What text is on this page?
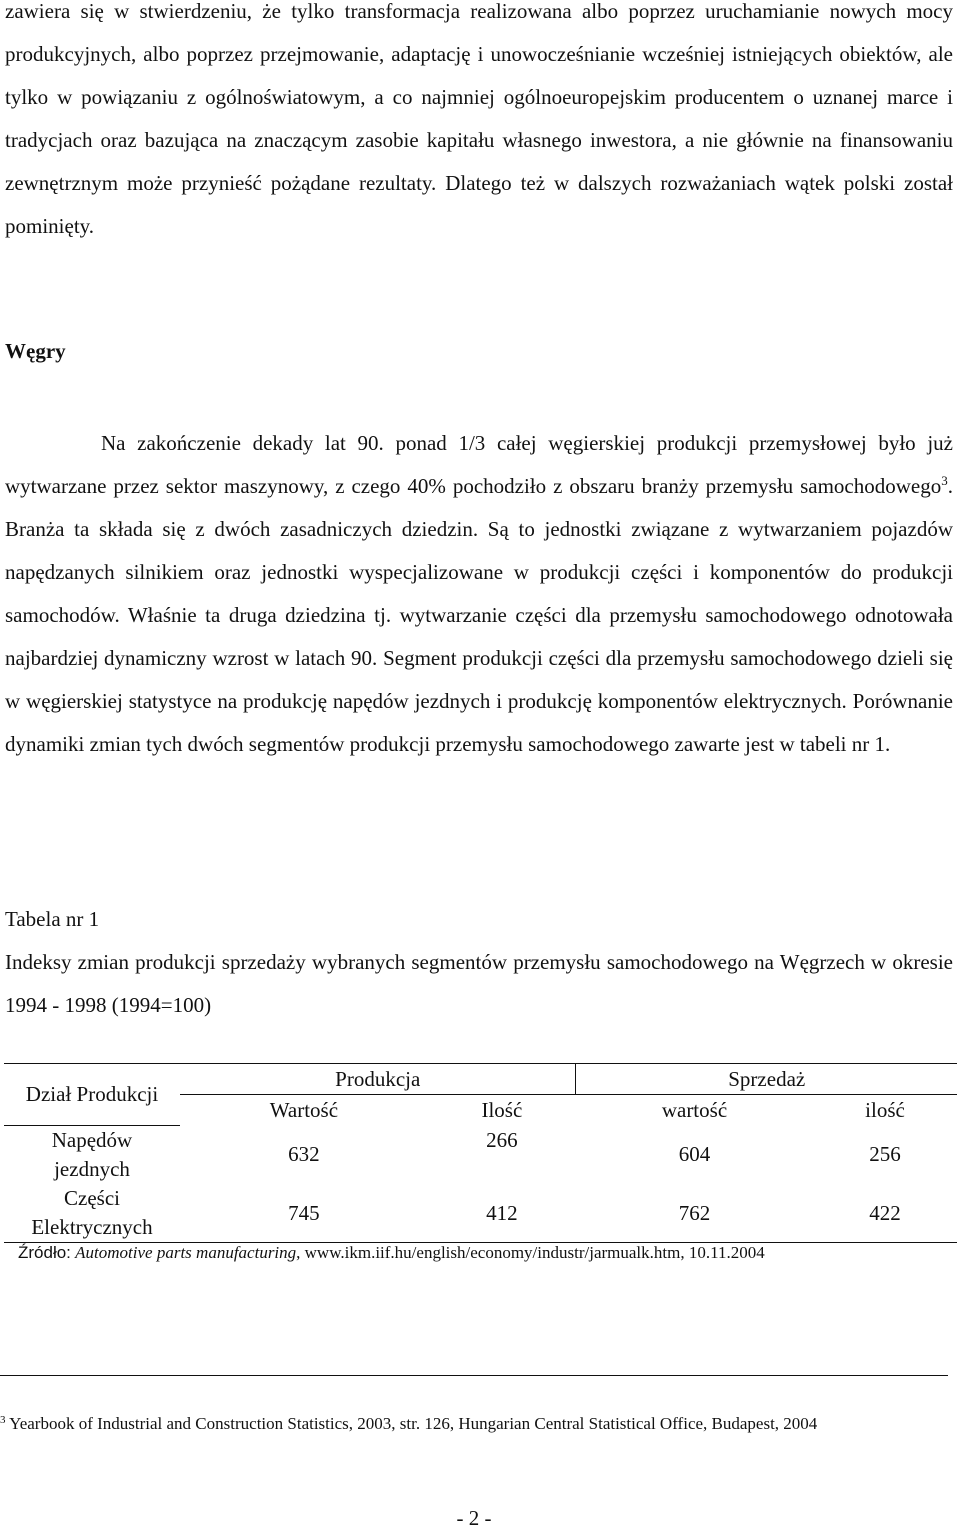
zawiera się w stwierdzeniu, że tylko transformacja realizowana albo poprzez uruchamianie nowych mocy produkcyjnych, albo poprzez przejmowanie, adaptację i unowocześnianie wcześniej istniejących obiektów, ale tylko w powiązaniu z ogólnoświatowym, a co najmniej ogólnoeuropejskim producentem o uznanej marce i tradycjach oraz bazująca na znaczącym zasobie kapitału własnego inwestora, a nie głównie na finansowaniu zewnętrznym może przynieść pożądane rezultaty. Dlatego też w dalszych rozważaniach wątek polski został pominięty.

Węgry

Na zakończenie dekady lat 90. ponad 1/3 całej węgierskiej produkcji przemysłowej było już wytwarzane przez sektor maszynowy, z czego 40% pochodziło z obszaru branży przemysłu samochodowego$^3$. Branża ta składa się z dwóch zasadniczych dziedzin. Są to jednostki związane z wytwarzaniem pojazdów napędzanych silnikiem oraz jednostki wyspecjalizowane w produkcji części i komponentów do produkcji samochodów. Właśnie ta druga dziedzina tj. wytwarzanie części dla przemysłu samochodowego odnotowała najbardziej dynamiczny wzrost w latach 90. Segment produkcji części dla przemysłu samochodowego dzieli się w węgierskiej statystyce na produkcję napędów jezdnych i produkcję komponentów elektrycznych. Porównanie dynamiki zmian tych dwóch segmentów produkcji przemysłu samochodowego zawarte jest w tabeli nr 1.

Tabela nr 1

Indeksy zmian produkcji sprzedaży wybranych segmentów przemysłu samochodowego na Węgrzech w okresie 1994 - 1998 (1994=100)

Dział Produkcji	Produkcja		Sprzedaż	
	Wartość	Ilość	wartość	ilość
Napędów
jezdnych	632	266	604	256
Części
Elektrycznych	745	412	762	422
Źródło: Automotive parts manufacturing, www.ikm.iif.hu/english/economy/industr/jarmualk.htm, 10.11.2004

$^3$ Yearbook of Industrial and Construction Statistics, 2003, str. 126, Hungarian Central Statistical Office, Budapest, 2004

- 2 -
